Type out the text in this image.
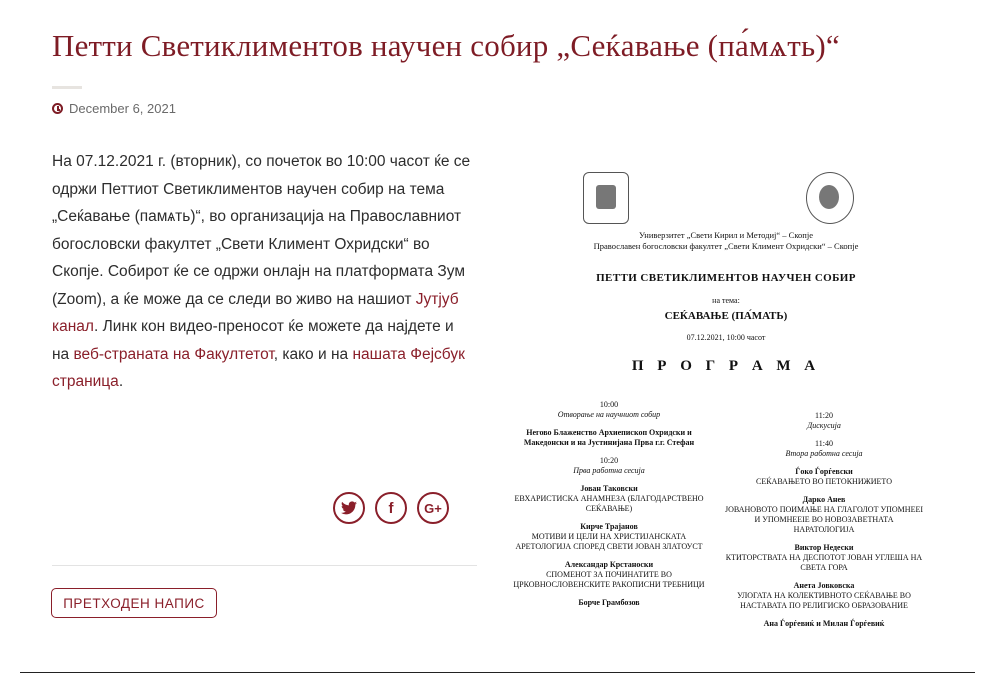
Петти Светиклиментов научен собир „Сеќавање (па́мѧть)“
December 6, 2021
На 07.12.2021 г. (вторник), со почеток во 10:00 часот ќе се одржи Петтиот Светиклиментов научен собир на тема „Сеќавање (памѧть)“, во организација на Православниот богословски факултет „Свети Климент Охридски“ во Скопје. Собирот ќе се одржи онлајн на платформата Зум (Zoom), а ќе може да се следи во живо на нашиот Јутјуб канал. Линк кон видео-преносот ќе можете да најдете и на веб-страната на Факултетот, како и на нашата Фејсбук страница.
f G+
ПРЕТХОДЕН НАПИС
Универзитет „Свети Кирил и Методиј“ – Скопје
Православен богословски факултет „Свети Климент Охридски“ – Скопје
ПЕТТИ СВЕТИКЛИМЕНТОВ НАУЧЕН СОБИР
на тема:
СЕЌАВАЊЕ (ПА́МАТЬ)
07.12.2021, 10:00 часот
П Р О Г Р А М А
10:00
Отворање на научниот собир
Негово Блаженство Архиепископ Охридски и Македонски и на Јустинијана Прва г.г. Стефан
10:20
Прва работна сесија
Јован Таковски
ЕВХАРИСТИСКА АНАМНЕЗА (БЛАГОДАРСТВЕНО СЕЌАВАЊЕ)
Кирче Трајанов
МОТИВИ И ЦЕЛИ НА ХРИСТИЈАНСКАТА АРЕТОЛОГИЈА СПОРЕД СВЕТИ ЈОВАН ЗЛАТОУСТ
Александар Крстаноски
СПОМЕНОТ ЗА ПОЧИНАТИТЕ ВО ЦРКОВНОСЛОВЕНСКИТЕ РАКОПИСНИ ТРЕБНИЦИ
Борче Грамбозов
11:20
Дискусија
11:40
Втора работна сесија
Ѓоко Ѓорѓевски
СЕЌАВАЊЕТО ВО ПЕТОКНИЖИЕТО
Дарко Анев
ЈОВАНОВОТО ПОИМАЊЕ НА ГЛАГОЛОТ УПОМНЕЕІ И УПОМНЕЕІЕ ВО НОВОЗАВЕТНАТА НАРАТОЛОГИЈА
Виктор Недески
КТИТОРСТВАТА НА ДЕСПОТОТ ЈОВАН УГЛЕША НА СВЕТА ГОРА
Анета Јовковска
УЛОГАТА НА КОЛЕКТИВНОТО СЕЌАВАЊЕ ВО НАСТАВАТА ПО РЕЛИГИСКО ОБРАЗОВАНИЕ
Ана Ѓорѓевиќ и Милан Ѓорѓевиќ
